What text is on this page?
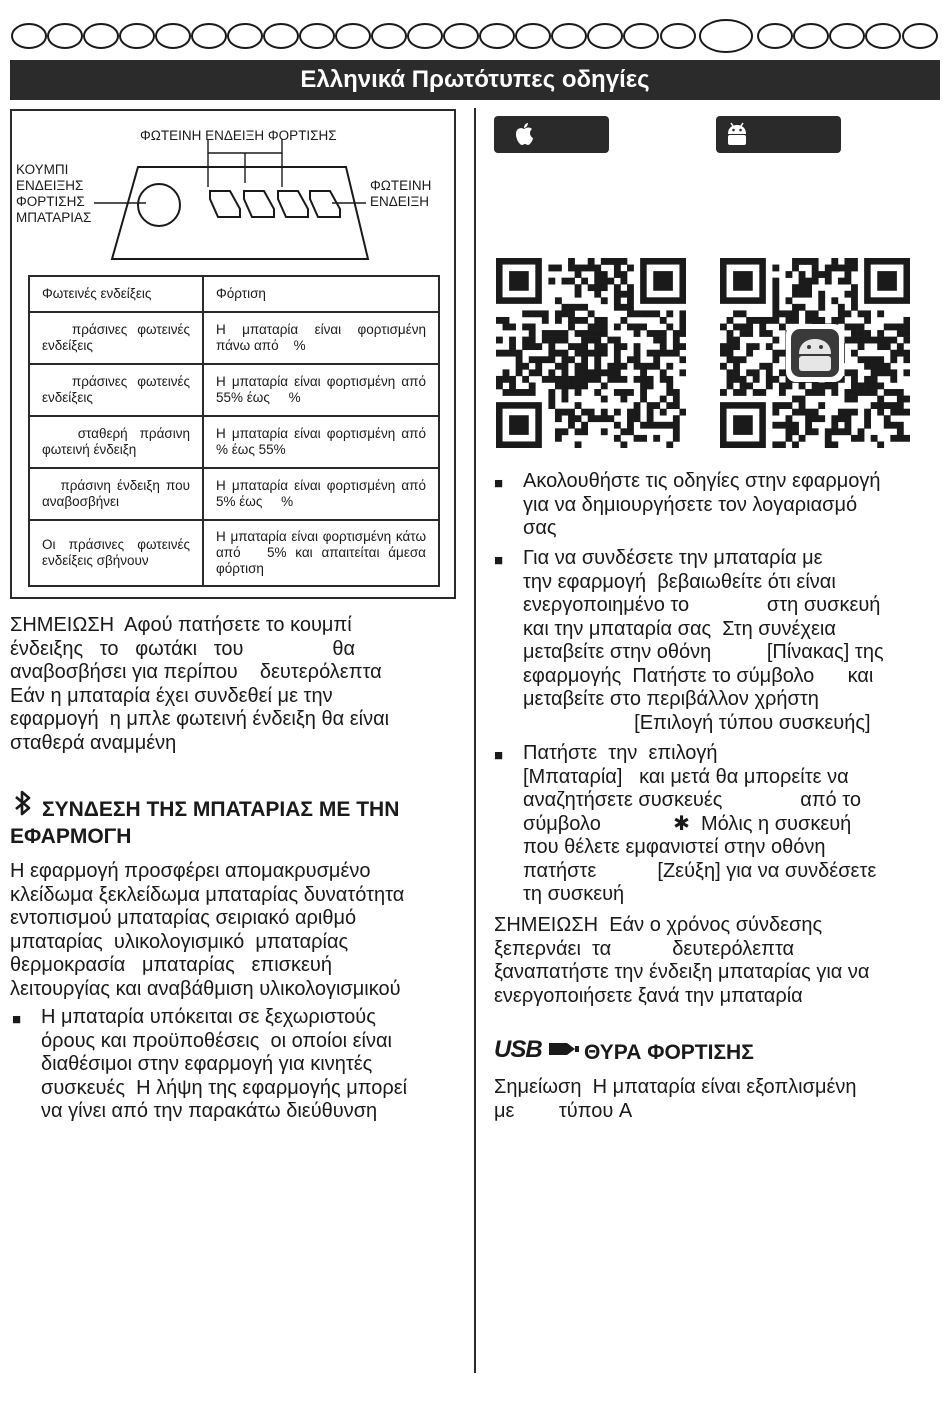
Ελληνικά Πρωτότυπες οδηγίες
ΦΩΤΕΙΝΗ ΕΝΔΕΙΞΗ ΦΟΡΤΙΣΗΣ
ΚΟΥΜΠΙ
ΕΝΔΕΙΞΗΣ
ΦΟΡΤΙΣΗΣ
ΜΠΑΤΑΡΙΑΣ
ΦΩΤΕΙΝΗ
ΕΝΔΕΙΞΗ
Φωτεινές ενδείξεις	Φόρτιση
πράσινες φωτεινές ενδείξεις	Η μπαταρία είναι φορτισμένη πάνω από    %
πράσινες φωτεινές ενδείξεις	Η μπαταρία είναι φορτισμένη από 55% έως     %
σταθερή πράσινη φωτεινή ένδειξη	Η μπαταρία είναι φορτισμένη από    % έως 55%
πράσινη ένδειξη που αναβοσβήνει	Η μπαταρία είναι φορτισμένη από   5% έως     %
Οι πράσινες φωτεινές ενδείξεις σβήνουν	Η μπαταρία είναι φορτισμένη κάτω από   5% και απαιτείται άμεσα φόρτιση
ΣΗΜΕΙΩΣΗ  Αφού πατήσετε το κουμπί
ένδειξης   το   φωτάκι   του                θα
αναβοσβήσει για περίπου    δευτερόλεπτα
Εάν η μπαταρία έχει συνδεθεί με την
εφαρμογή  η μπλε φωτεινή ένδειξη θα είναι
σταθερά αναμμένη
ΣΥΝΔΕΣΗ ΤΗΣ ΜΠΑΤΑΡΙΑΣ ΜΕ ΤΗΝ
ΕΦΑΡΜΟΓΗ
Η εφαρμογή προσφέρει απομακρυσμένο
κλείδωμα ξεκλείδωμα μπαταρίας δυνατότητα
εντοπισμού μπαταρίας σειριακό αριθμό
μπαταρίας  υλικολογισμικό  μπαταρίας
θερμοκρασία   μπαταρίας   επισκευή
λειτουργίας και αναβάθμιση υλικολογισμικού
■ Η μπαταρία υπόκειται σε ξεχωριστούς
όρους και προϋποθέσεις  οι οποίοι είναι
διαθέσιμοι στην εφαρμογή για κινητές
συσκευές  Η λήψη της εφαρμογής μπορεί
να γίνει από την παρακάτω διεύθυνση
■ Ακολουθήστε τις οδηγίες στην εφαρμογή
για να δημιουργήσετε τον λογαριασμό
σας
■ Για να συνδέσετε την μπαταρία με
την εφαρμογή  βεβαιωθείτε ότι είναι
ενεργοποιημένο το              στη συσκευή
και την μπαταρία σας  Στη συνέχεια
μεταβείτε στην οθόνη          [Πίνακας] της
εφαρμογής  Πατήστε το σύμβολο      και
μεταβείτε στο περιβάλλον χρήστη
[Επιλογή τύπου συσκευής]
■ Πατήστε  την  επιλογή
[Μπαταρία]   και μετά θα μπορείτε να
αναζητήσετε συσκευές              από το
σύμβολο             ✱  Μόλις η συσκευή
που θέλετε εμφανιστεί στην οθόνη
πατήστε           [Ζεύξη] για να συνδέσετε
τη συσκευή
ΣΗΜΕΙΩΣΗ  Εάν ο χρόνος σύνδεσης
ξεπερνάει  τα           δευτερόλεπτα
ξαναπατήστε την ένδειξη μπαταρίας για να
ενεργοποιήσετε ξανά την μπαταρία
USB	ΘΥΡΑ ΦΟΡΤΙΣΗΣ
Σημείωση  Η μπαταρία είναι εξοπλισμένη
με        τύπου A
